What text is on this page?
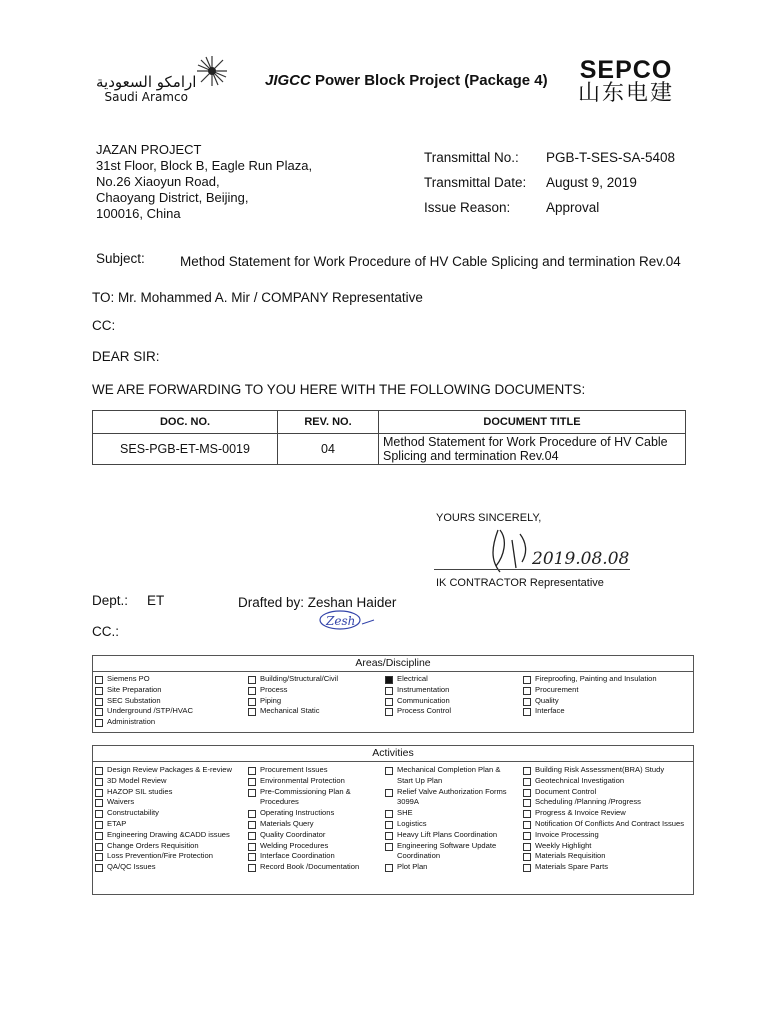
ارامكو السعودية
Saudi Aramco
JIGCC Power Block Project (Package 4) SEPCO
山东电建
JAZAN PROJECT
31st Floor, Block B, Eagle Run Plaza,
No.26 Xiaoyun Road,
Chaoyang District, Beijing,
100016, China
Transmittal No.: PGB-T-SES-SA-5408
Transmittal Date: August 9, 2019
Issue Reason:	Approval
Subject:	Method Statement for Work Procedure of HV Cable Splicing and termination Rev.04
TO: Mr. Mohammed A. Mir / COMPANY Representative
CC:
DEAR SIR:
WE ARE FORWARDING TO YOU HERE WITH THE FOLLOWING DOCUMENTS:
DOC. NO.	REV. NO.	DOCUMENT TITLE
SES-PGB-ET-MS-0019	04	Method Statement for Work Procedure of HV Cable
Splicing and termination Rev.04
YOURS SINCERELY,
2019.08.08
IK CONTRACTOR Representative
Dept.: ET	Drafted by: Zeshan Haider
Zesh
CC.:
Areas/Discipline
Siemens PO
Site Preparation
SEC Substation
Underground /STP/HVAC
Administration
Building/Structural/Civil
Process
Piping
Mechanical Static
Electrical
Instrumentation
Communication
Process Control
Fireproofing, Painting and Insulation
Procurement
Quality
Interface
Activities
Design Review Packages & E-review
3D Model Review
HAZOP SIL studies
Waivers
Constructability
ETAP
Engineering Drawing &CADD issues
Change Orders Requisition
Loss Prevention/Fire Protection
QA/QC Issues
Procurement Issues
Environmental Protection
Pre-Commissioning Plan &
Procedures
Operating Instructions
Materials Query
Quality Coordinator
Welding Procedures
Interface Coordination
Record Book /Documentation
Mechanical Completion Plan &
Start Up Plan
Relief Valve Authorization Forms
3099A
SHE
Logistics
Heavy Lift Plans Coordination
Engineering Software Update
Coordination
Plot Plan
Building Risk Assessment(BRA) Study
Geotechnical Investigation
Document Control
Scheduling /Planning /Progress
Progress & Invoice Review
Notification Of Conflicts And Contract Issues
Invoice Processing
Weekly Highlight
Materials Requisition
Materials Spare Parts
